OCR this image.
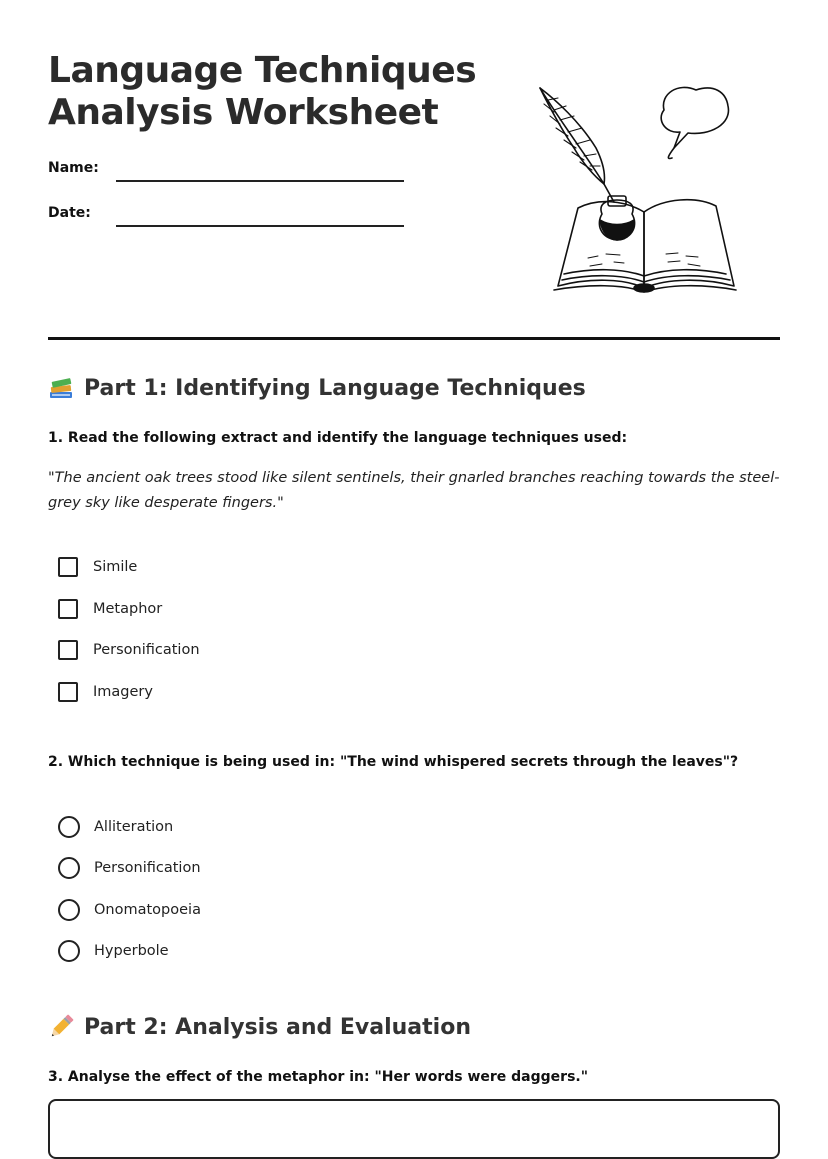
Language Techniques
Analysis Worksheet
Name:
Date:
Part 1: Identifying Language Techniques
1. Read the following extract and identify the language techniques used:
"The ancient oak trees stood like silent sentinels, their gnarled branches reaching towards the steel-grey sky like desperate fingers."
Simile
Metaphor
Personification
Imagery
2. Which technique is being used in: "The wind whispered secrets through the leaves"?
Alliteration
Personification
Onomatopoeia
Hyperbole
Part 2: Analysis and Evaluation
3. Analyse the effect of the metaphor in: "Her words were daggers."
